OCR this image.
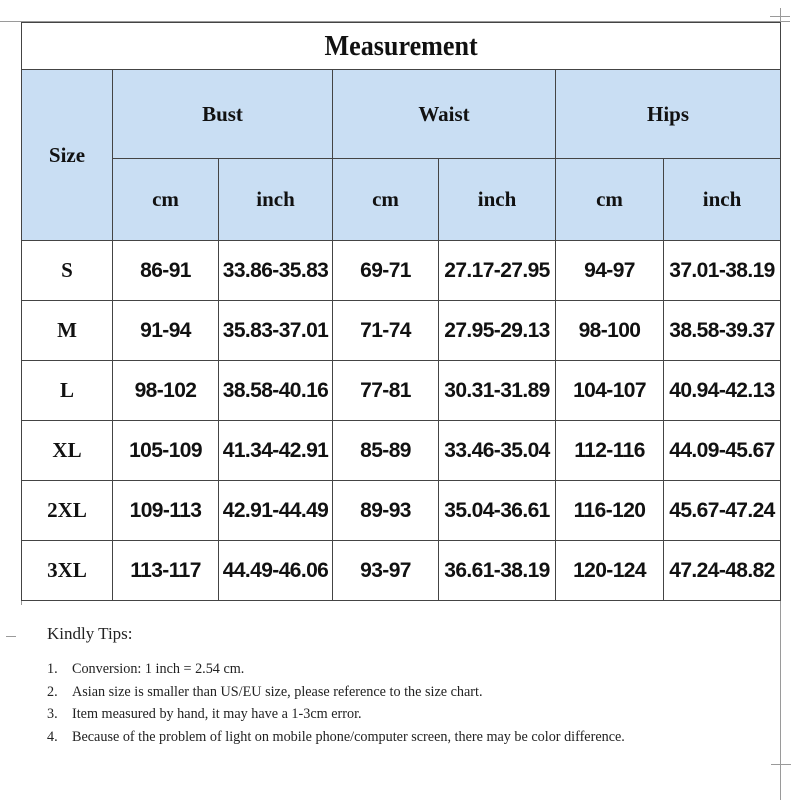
Measurement						
Size	Bust		Waist		Hips	
	cm	inch	cm	inch	cm	inch
S	86-91	33.86-35.83	69-71	27.17-27.95	94-97	37.01-38.19
M	91-94	35.83-37.01	71-74	27.95-29.13	98-100	38.58-39.37
L	98-102	38.58-40.16	77-81	30.31-31.89	104-107	40.94-42.13
XL	105-109	41.34-42.91	85-89	33.46-35.04	112-116	44.09-45.67
2XL	109-113	42.91-44.49	89-93	35.04-36.61	116-120	45.67-47.24
3XL	113-117	44.49-46.06	93-97	36.61-38.19	120-124	47.24-48.82
Kindly Tips:
1.	Conversion: 1 inch = 2.54 cm.
2.	Asian size is smaller than US/EU size, please reference to the size chart.
3.	Item measured by hand, it may have a 1-3cm error.
4.	Because of the problem of light on mobile phone/computer screen, there may be color difference.
